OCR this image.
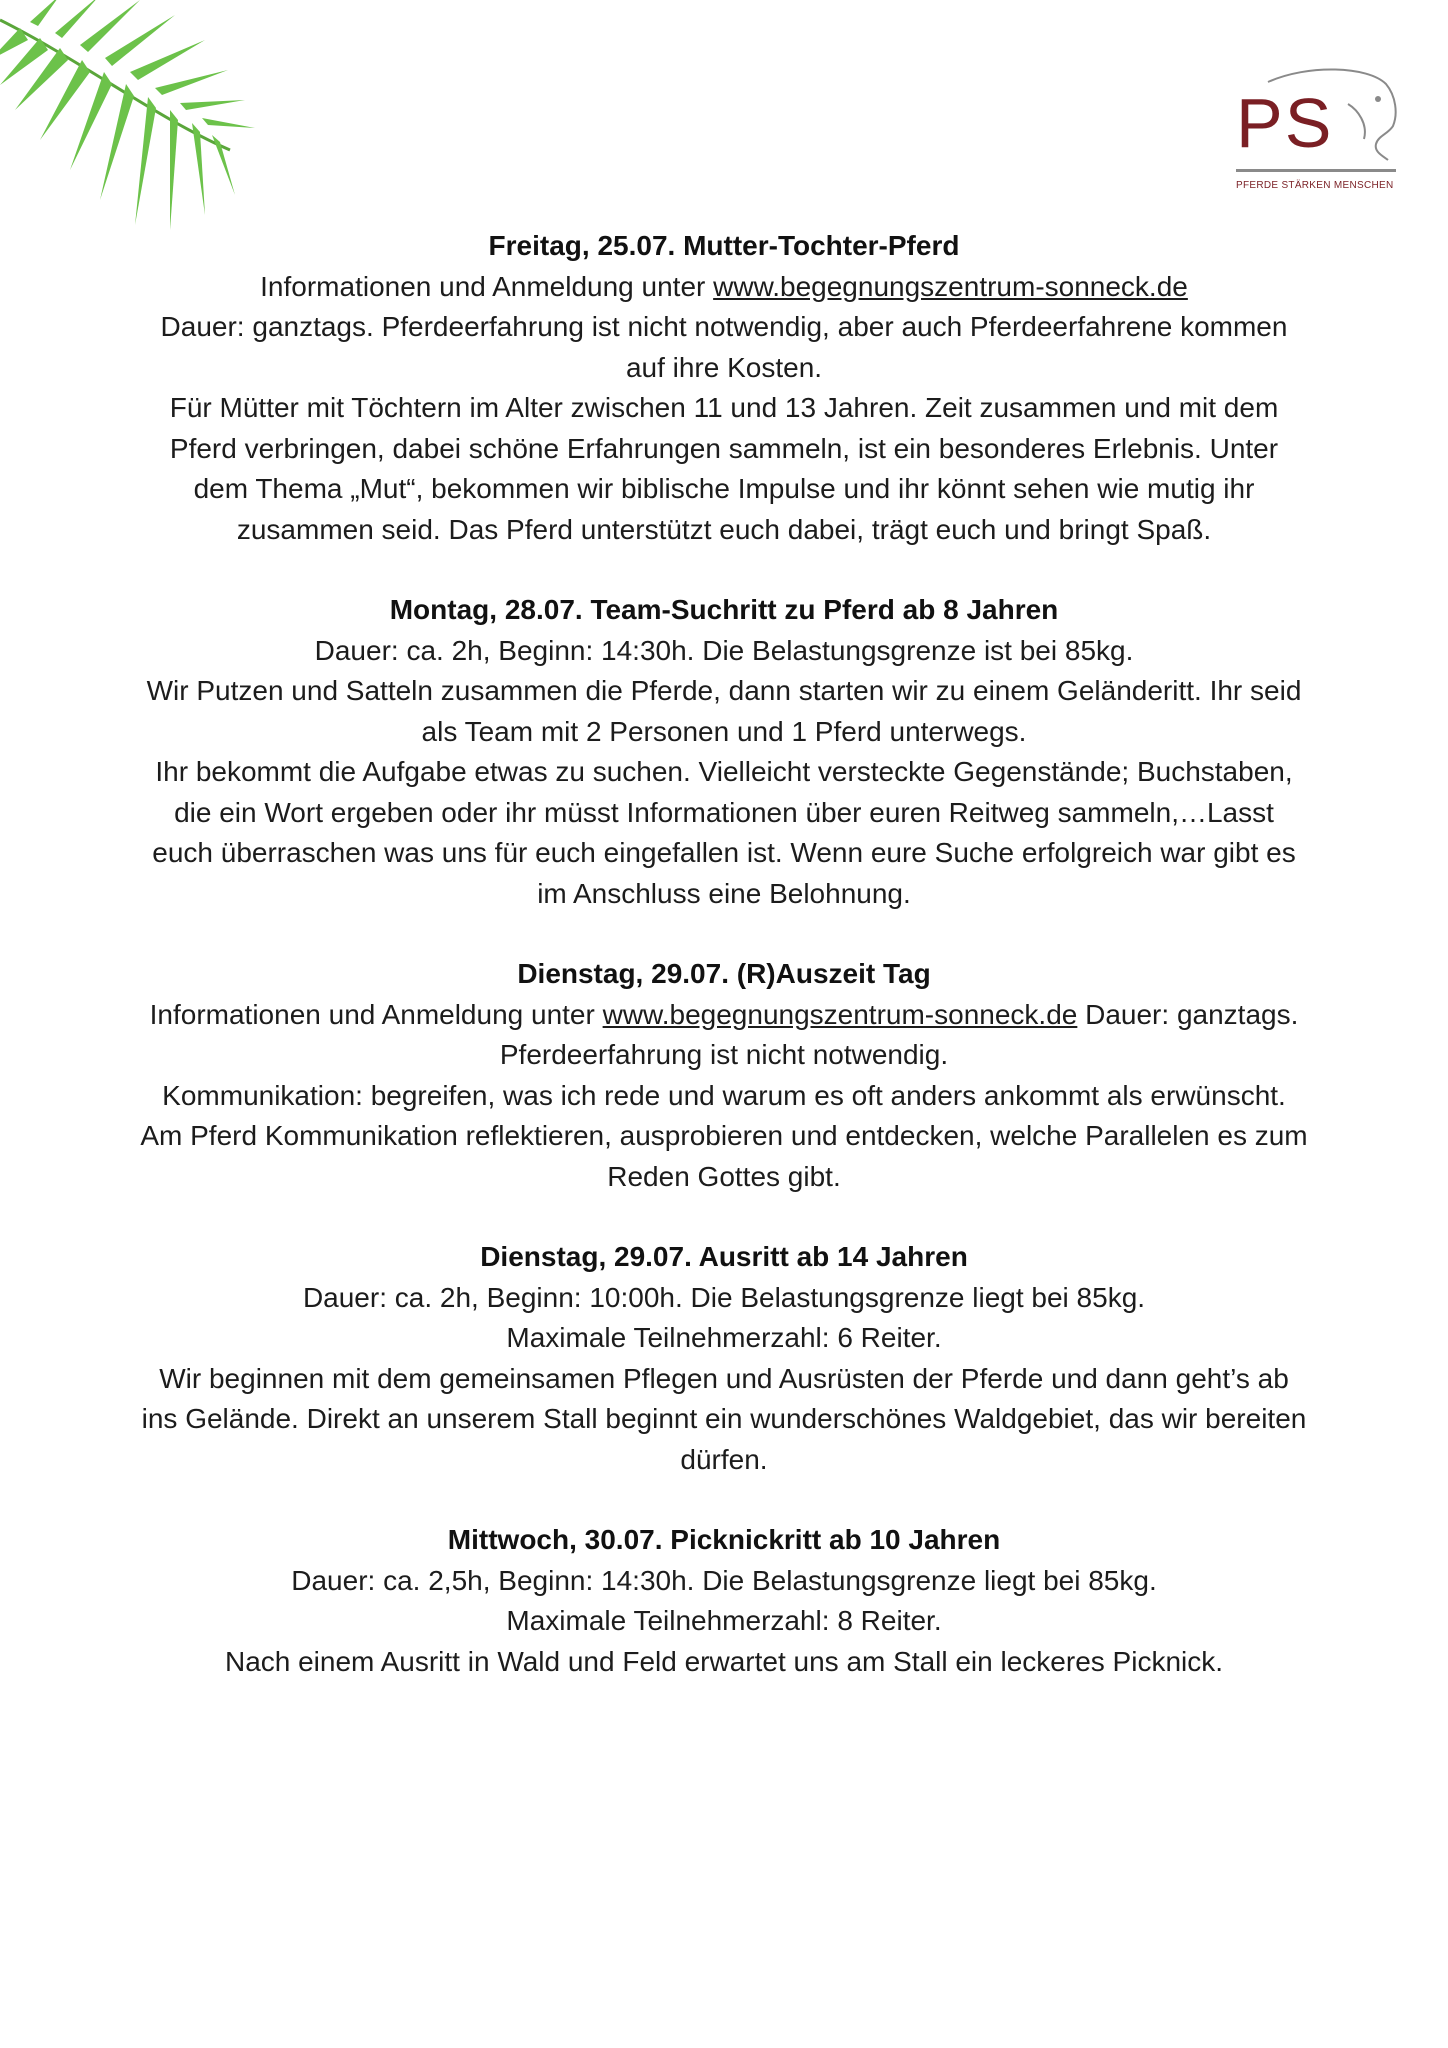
PS
PFERDE STÄRKEN MENSCHEN
Freitag, 25.07. Mutter-Tochter-Pferd

Informationen und Anmeldung unter www.begegnungszentrum-sonneck.de

Dauer: ganztags. Pferdeerfahrung ist nicht notwendig, aber auch Pferdeerfahrene kommen auf ihre Kosten.

Für Mütter mit Töchtern im Alter zwischen 11 und 13 Jahren. Zeit zusammen und mit dem Pferd verbringen, dabei schöne Erfahrungen sammeln, ist ein besonderes Erlebnis. Unter dem Thema „Mut“, bekommen wir biblische Impulse und ihr könnt sehen wie mutig ihr zusammen seid. Das Pferd unterstützt euch dabei, trägt euch und bringt Spaß.

Montag, 28.07. Team-Suchritt zu Pferd ab 8 Jahren

Dauer: ca. 2h, Beginn: 14:30h. Die Belastungsgrenze ist bei 85kg.

Wir Putzen und Satteln zusammen die Pferde, dann starten wir zu einem Geländeritt. Ihr seid als Team mit 2 Personen und 1 Pferd unterwegs.

Ihr bekommt die Aufgabe etwas zu suchen. Vielleicht versteckte Gegenstände; Buchstaben, die ein Wort ergeben oder ihr müsst Informationen über euren Reitweg sammeln,…Lasst euch überraschen was uns für euch eingefallen ist. Wenn eure Suche erfolgreich war gibt es im Anschluss eine Belohnung.

Dienstag, 29.07. (R)Auszeit Tag

Informationen und Anmeldung unter www.begegnungszentrum-sonneck.de Dauer: ganztags. Pferdeerfahrung ist nicht notwendig.

Kommunikation: begreifen, was ich rede und warum es oft anders ankommt als erwünscht. Am Pferd Kommunikation reflektieren, ausprobieren und entdecken, welche Parallelen es zum Reden Gottes gibt.

Dienstag, 29.07. Ausritt ab 14 Jahren

Dauer: ca. 2h, Beginn: 10:00h. Die Belastungsgrenze liegt bei 85kg.

Maximale Teilnehmerzahl: 6 Reiter.

Wir beginnen mit dem gemeinsamen Pflegen und Ausrüsten der Pferde und dann geht’s ab ins Gelände. Direkt an unserem Stall beginnt ein wunderschönes Waldgebiet, das wir bereiten dürfen.

Mittwoch, 30.07. Picknickritt ab 10 Jahren

Dauer: ca. 2,5h, Beginn: 14:30h. Die Belastungsgrenze liegt bei 85kg.

Maximale Teilnehmerzahl: 8 Reiter.

Nach einem Ausritt in Wald und Feld erwartet uns am Stall ein leckeres Picknick.
